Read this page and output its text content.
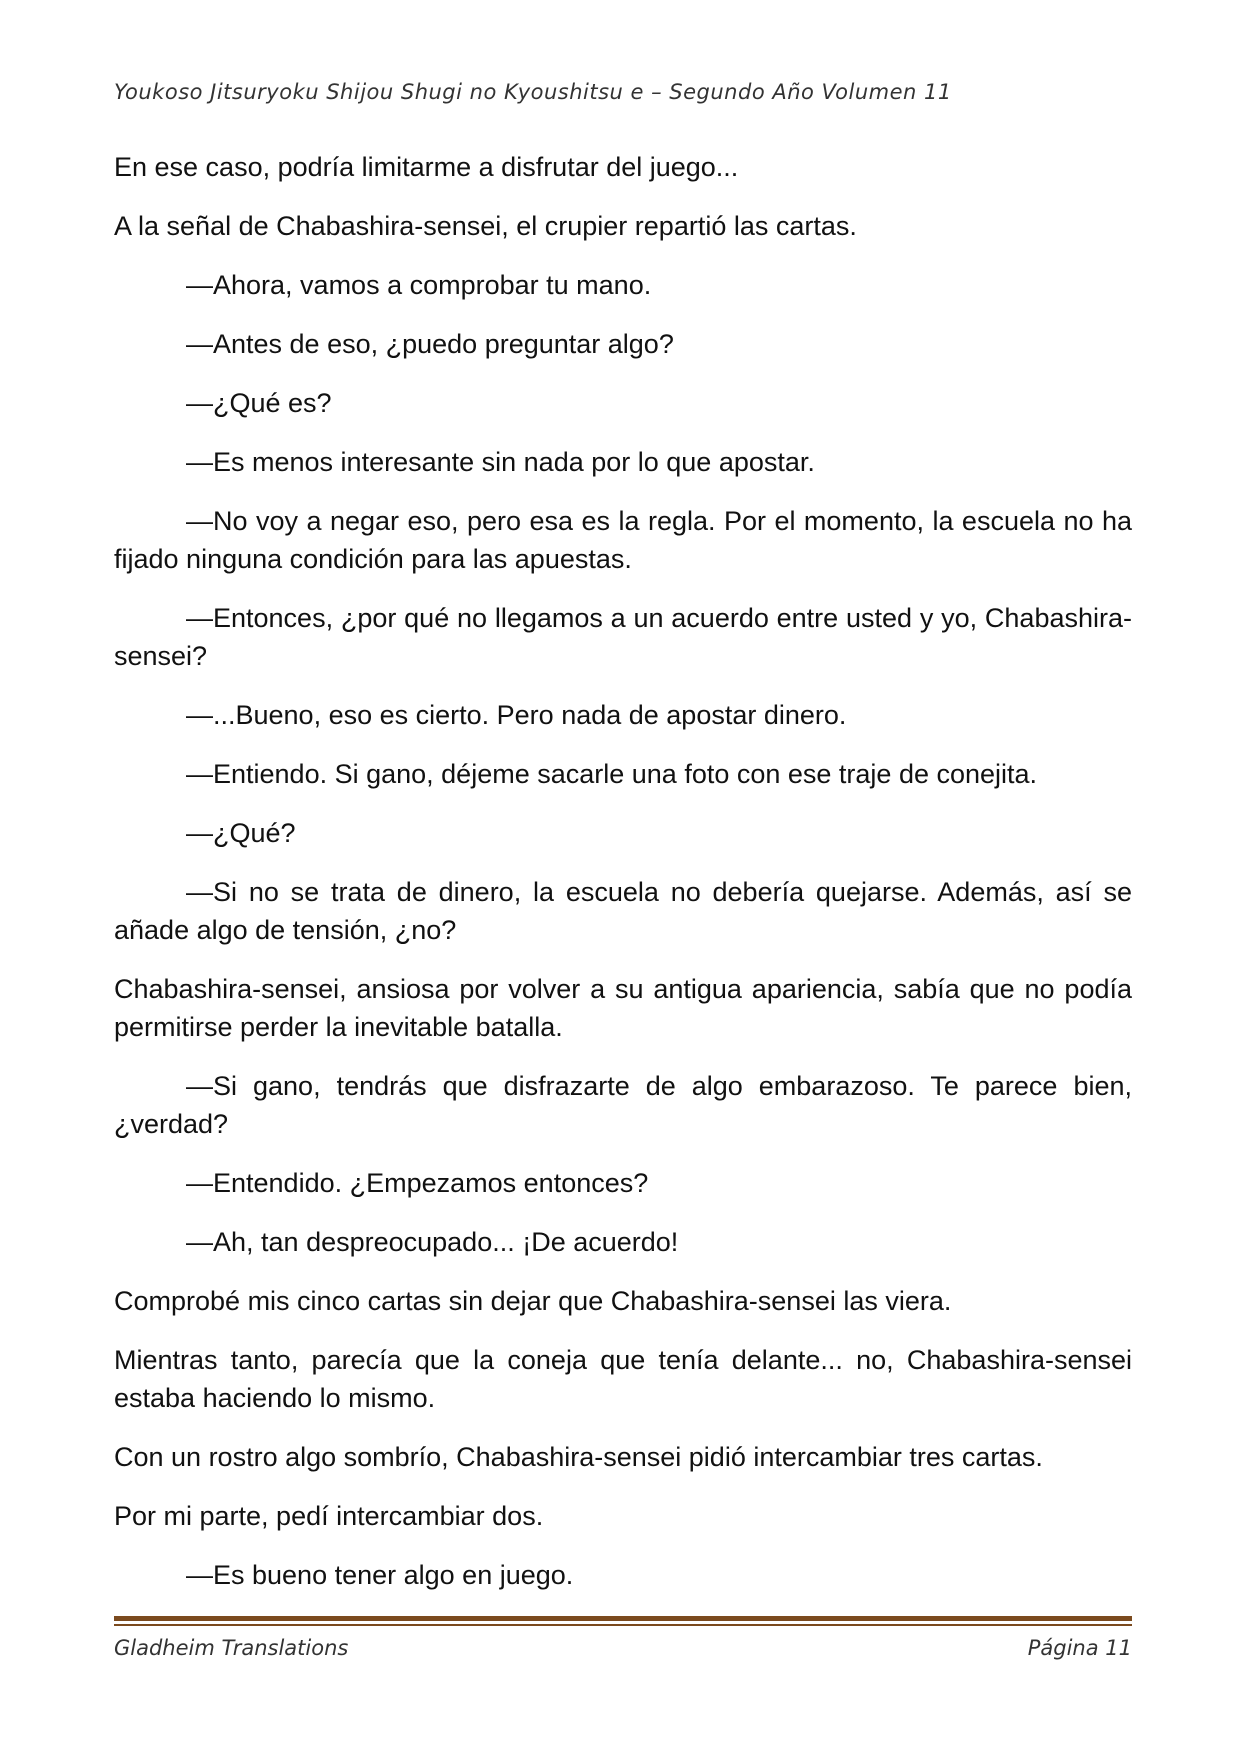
Youkoso Jitsuryoku Shijou Shugi no Kyoushitsu e – Segundo Año Volumen 11

En ese caso, podría limitarme a disfrutar del juego...

A la señal de Chabashira-sensei, el crupier repartió las cartas.

—Ahora, vamos a comprobar tu mano.

—Antes de eso, ¿puedo preguntar algo?

—¿Qué es?

—Es menos interesante sin nada por lo que apostar.

—No voy a negar eso, pero esa es la regla. Por el momento, la escuela no ha fijado ninguna condición para las apuestas.

—Entonces, ¿por qué no llegamos a un acuerdo entre usted y yo, Chabashira-sensei?

—...Bueno, eso es cierto. Pero nada de apostar dinero.

—Entiendo. Si gano, déjeme sacarle una foto con ese traje de conejita.

—¿Qué?

—Si no se trata de dinero, la escuela no debería quejarse. Además, así se añade algo de tensión, ¿no?

Chabashira-sensei, ansiosa por volver a su antigua apariencia, sabía que no podía permitirse perder la inevitable batalla.

—Si gano, tendrás que disfrazarte de algo embarazoso. Te parece bien, ¿verdad?

—Entendido. ¿Empezamos entonces?

—Ah, tan despreocupado... ¡De acuerdo!

Comprobé mis cinco cartas sin dejar que Chabashira-sensei las viera.

Mientras tanto, parecía que la coneja que tenía delante... no, Chabashira-sensei estaba haciendo lo mismo.

Con un rostro algo sombrío, Chabashira-sensei pidió intercambiar tres cartas.

Por mi parte, pedí intercambiar dos.

—Es bueno tener algo en juego.

Gladheim Translations	Página 11
